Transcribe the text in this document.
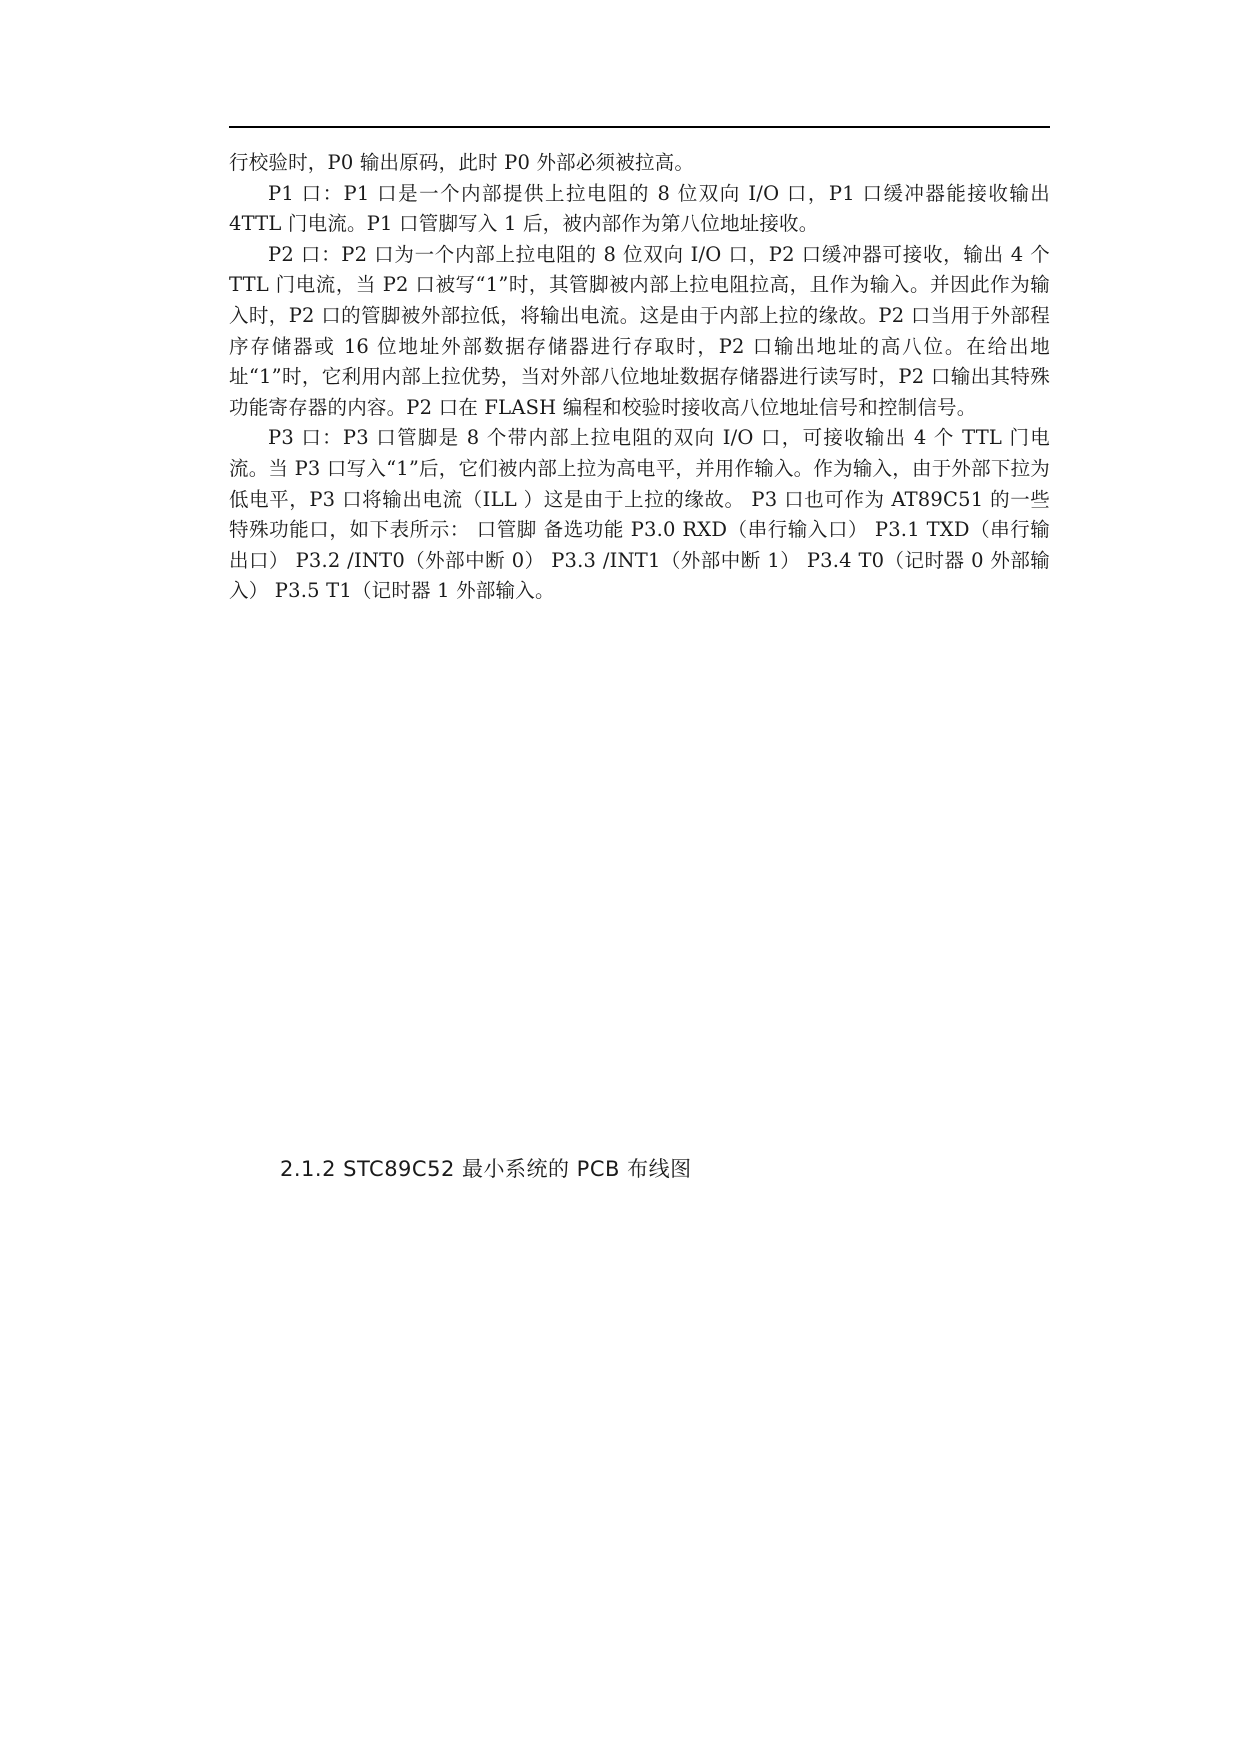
行校验时，P0 输出原码，此时 P0 外部必须被拉高。

P1 口：P1 口是一个内部提供上拉电阻的 8 位双向 I/O 口，P1 口缓冲器能接收输出 4TTL 门电流。P1 口管脚写入 1 后，被内部作为第八位地址接收。

P2 口：P2 口为一个内部上拉电阻的 8 位双向 I/O 口，P2 口缓冲器可接收，输出 4 个 TTL 门电流，当 P2 口被写“1”时，其管脚被内部上拉电阻拉高，且作为输入。并因此作为输入时，P2 口的管脚被外部拉低，将输出电流。这是由于内部上拉的缘故。P2 口当用于外部程序存储器或 16 位地址外部数据存储器进行存取时，P2 口输出地址的高八位。在给出地址“1”时，它利用内部上拉优势，当对外部八位地址数据存储器进行读写时，P2 口输出其特殊功能寄存器的内容。P2 口在 FLASH 编程和校验时接收高八位地址信号和控制信号。

P3 口：P3 口管脚是 8 个带内部上拉电阻的双向 I/O 口，可接收输出 4 个 TTL 门电流。当 P3 口写入“1”后，它们被内部上拉为高电平，并用作输入。作为输入，由于外部下拉为低电平，P3 口将输出电流（ILL ）这是由于上拉的缘故。 P3 口也可作为 AT89C51 的一些特殊功能口，如下表所示： 口管脚 备选功能 P3.0 RXD（串行输入口） P3.1 TXD（串行输出口） P3.2 /INT0（外部中断 0） P3.3 /INT1（外部中断 1） P3.4 T0（记时器 0 外部输入） P3.5 T1（记时器 1 外部输入。

2.1.2 STC89C52 最小系统的 PCB 布线图
